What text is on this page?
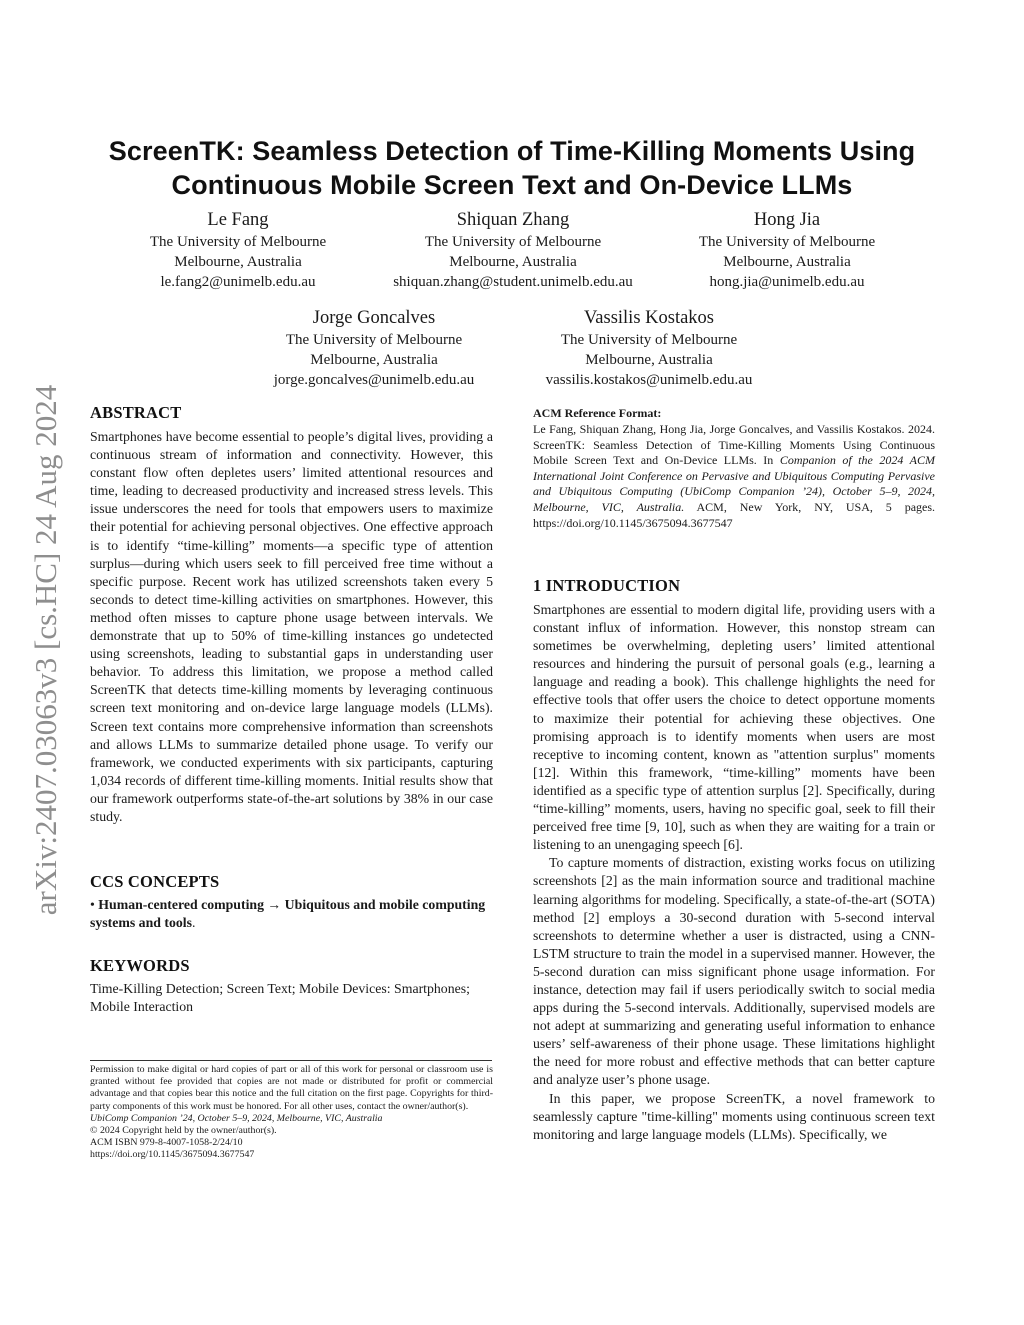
arXiv:2407.03063v3 [cs.HC] 24 Aug 2024
ScreenTK: Seamless Detection of Time-Killing Moments Using
Continuous Mobile Screen Text and On-Device LLMs
Le Fang
The University of Melbourne
Melbourne, Australia
le.fang2@unimelb.edu.au
Shiquan Zhang
The University of Melbourne
Melbourne, Australia
shiquan.zhang@student.unimelb.edu.au
Hong Jia
The University of Melbourne
Melbourne, Australia
hong.jia@unimelb.edu.au
Jorge Goncalves
The University of Melbourne
Melbourne, Australia
jorge.goncalves@unimelb.edu.au
Vassilis Kostakos
The University of Melbourne
Melbourne, Australia
vassilis.kostakos@unimelb.edu.au
ABSTRACT
Smartphones have become essential to people’s digital lives, providing a continuous stream of information and connectivity. However, this constant flow often depletes users’ limited attentional resources and time, leading to decreased productivity and increased stress levels. This issue underscores the need for tools that empowers users to maximize their potential for achieving personal objectives. One effective approach is to identify “time-killing” moments—a specific type of attention surplus—during which users seek to fill perceived free time without a specific purpose. Recent work has utilized screenshots taken every 5 seconds to detect time-killing activities on smartphones. However, this method often misses to capture phone usage between intervals. We demonstrate that up to 50% of time-killing instances go undetected using screenshots, leading to substantial gaps in understanding user behavior. To address this limitation, we propose a method called ScreenTK that detects time-killing moments by leveraging continuous screen text monitoring and on-device large language models (LLMs). Screen text contains more comprehensive information than screenshots and allows LLMs to summarize detailed phone usage. To verify our framework, we conducted experiments with six participants, capturing 1,034 records of different time-killing moments. Initial results show that our framework outperforms state-of-the-art solutions by 38% in our case study.
CCS CONCEPTS
• Human-centered computing → Ubiquitous and mobile computing systems and tools.
KEYWORDS
Time-Killing Detection; Screen Text; Mobile Devices: Smartphones; Mobile Interaction
Permission to make digital or hard copies of part or all of this work for personal or classroom use is granted without fee provided that copies are not made or distributed for profit or commercial advantage and that copies bear this notice and the full citation on the first page. Copyrights for third-party components of this work must be honored. For all other uses, contact the owner/author(s).
UbiComp Companion ’24, October 5–9, 2024, Melbourne, VIC, Australia
© 2024 Copyright held by the owner/author(s).
ACM ISBN 979-8-4007-1058-2/24/10
https://doi.org/10.1145/3675094.3677547
ACM Reference Format:
Le Fang, Shiquan Zhang, Hong Jia, Jorge Goncalves, and Vassilis Kostakos. 2024. ScreenTK: Seamless Detection of Time-Killing Moments Using Continuous Mobile Screen Text and On-Device LLMs. In Companion of the 2024 ACM International Joint Conference on Pervasive and Ubiquitous Computing Pervasive and Ubiquitous Computing (UbiComp Companion ’24), October 5–9, 2024, Melbourne, VIC, Australia. ACM, New York, NY, USA, 5 pages. https://doi.org/10.1145/3675094.3677547
1 INTRODUCTION

Smartphones are essential to modern digital life, providing users with a constant influx of information. However, this nonstop stream can sometimes be overwhelming, depleting users’ limited attentional resources and hindering the pursuit of personal goals (e.g., learning a language and reading a book). This challenge highlights the need for effective tools that offer users the choice to detect opportune moments to maximize their potential for achieving these objectives. One promising approach is to identify moments when users are most receptive to incoming content, known as "attention surplus" moments [12]. Within this framework, “time-killing” moments have been identified as a specific type of attention surplus [2]. Specifically, during “time-killing” moments, users, having no specific goal, seek to fill their perceived free time [9, 10], such as when they are waiting for a train or listening to an unengaging speech [6].

To capture moments of distraction, existing works focus on utilizing screenshots [2] as the main information source and traditional machine learning algorithms for modeling. Specifically, a state-of-the-art (SOTA) method [2] employs a 30-second duration with 5-second interval screenshots to determine whether a user is distracted, using a CNN-LSTM structure to train the model in a supervised manner. However, the 5-second duration can miss significant phone usage information. For instance, detection may fail if users periodically switch to social media apps during the 5-second intervals. Additionally, supervised models are not adept at summarizing and generating useful information to enhance users’ self-awareness of their phone usage. These limitations highlight the need for more robust and effective methods that can better capture and analyze user’s phone usage.

In this paper, we propose ScreenTK, a novel framework to seamlessly capture "time-killing" moments using continuous screen text monitoring and large language models (LLMs). Specifically, we
